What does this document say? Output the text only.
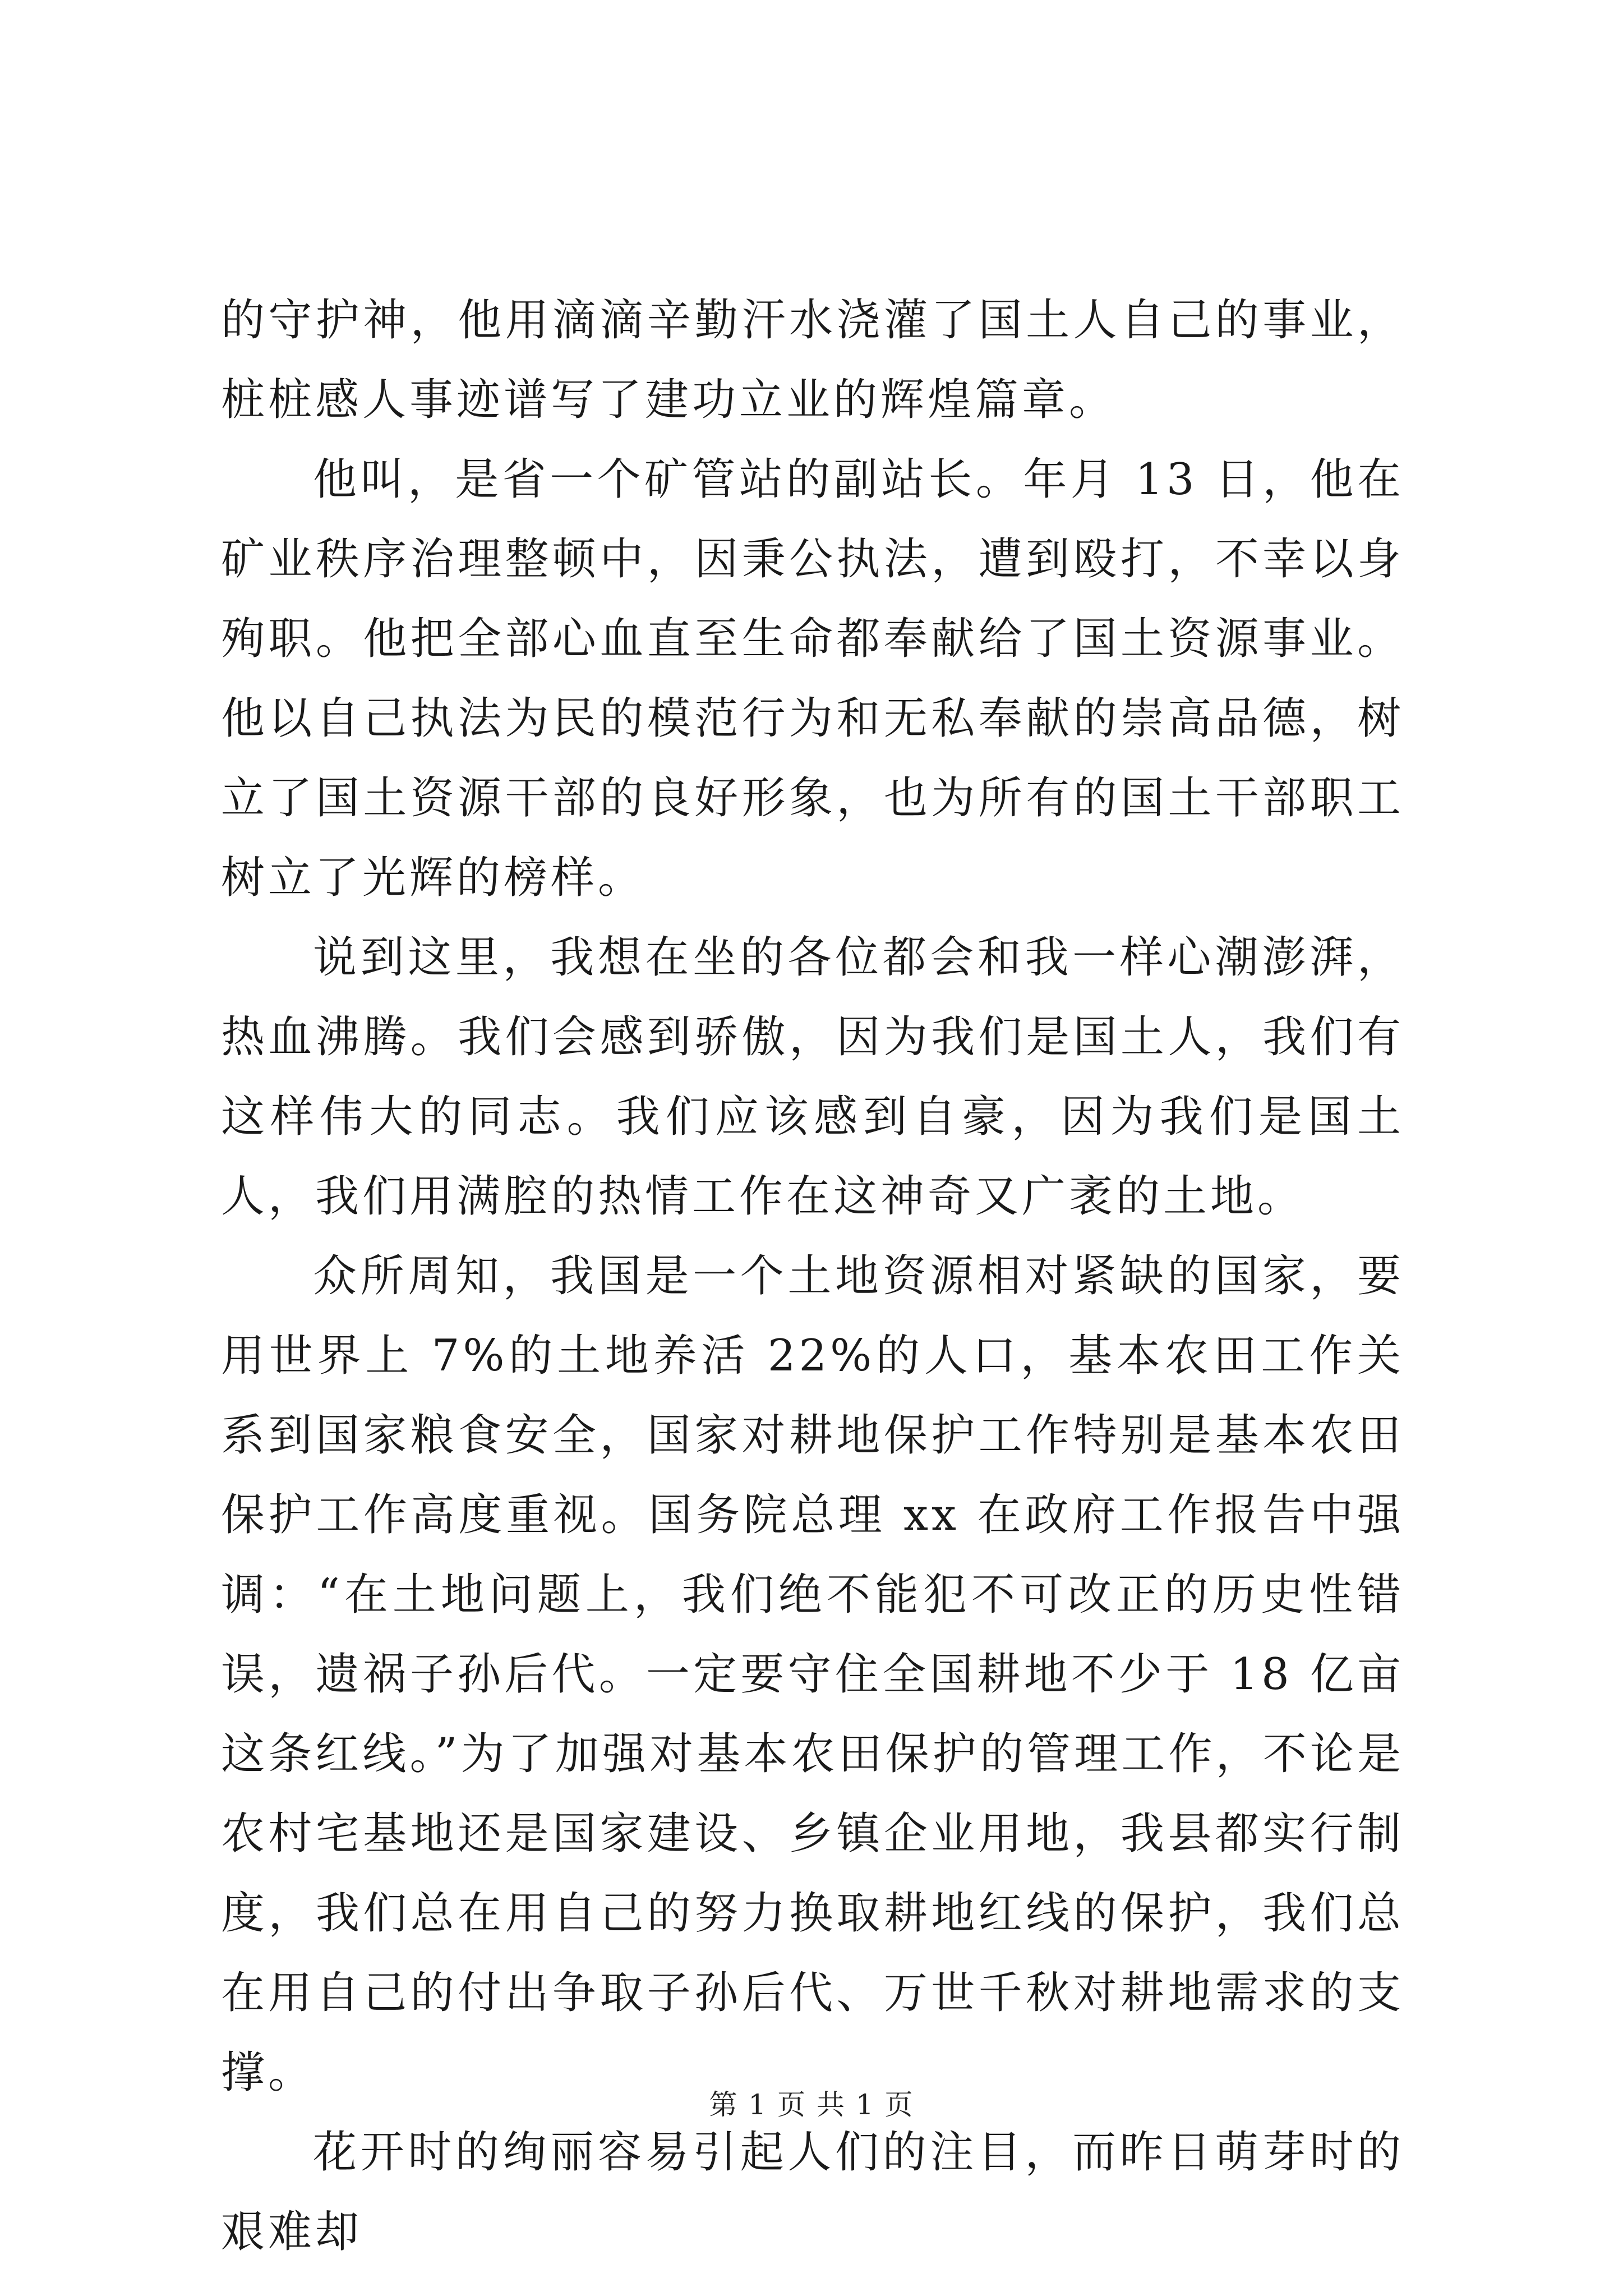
的守护神，他用滴滴辛勤汗水浇灌了国土人自己的事业，桩桩感人事迹谱写了建功立业的辉煌篇章。

他叫，是省一个矿管站的副站长。年月 13 日，他在矿业秩序治理整顿中，因秉公执法，遭到殴打，不幸以身殉职。他把全部心血直至生命都奉献给了国土资源事业。他以自己执法为民的模范行为和无私奉献的崇高品德，树立了国土资源干部的良好形象，也为所有的国土干部职工树立了光辉的榜样。

说到这里，我想在坐的各位都会和我一样心潮澎湃，热血沸腾。我们会感到骄傲，因为我们是国土人，我们有这样伟大的同志。我们应该感到自豪，因为我们是国土人，我们用满腔的热情工作在这神奇又广袤的土地。

众所周知，我国是一个土地资源相对紧缺的国家，要用世界上 7%的土地养活 22%的人口，基本农田工作关系到国家粮食安全，国家对耕地保护工作特别是基本农田保护工作高度重视。国务院总理 xx 在政府工作报告中强调：“在土地问题上，我们绝不能犯不可改正的历史性错误，遗祸子孙后代。一定要守住全国耕地不少于 18 亿亩这条红线。”为了加强对基本农田保护的管理工作，不论是农村宅基地还是国家建设、乡镇企业用地，我县都实行制度，我们总在用自己的努力换取耕地红线的保护，我们总在用自己的付出争取子孙后代、万世千秋对耕地需求的支撑。

花开时的绚丽容易引起人们的注目，而昨日萌芽时的艰难却

第 1 页 共 1 页
